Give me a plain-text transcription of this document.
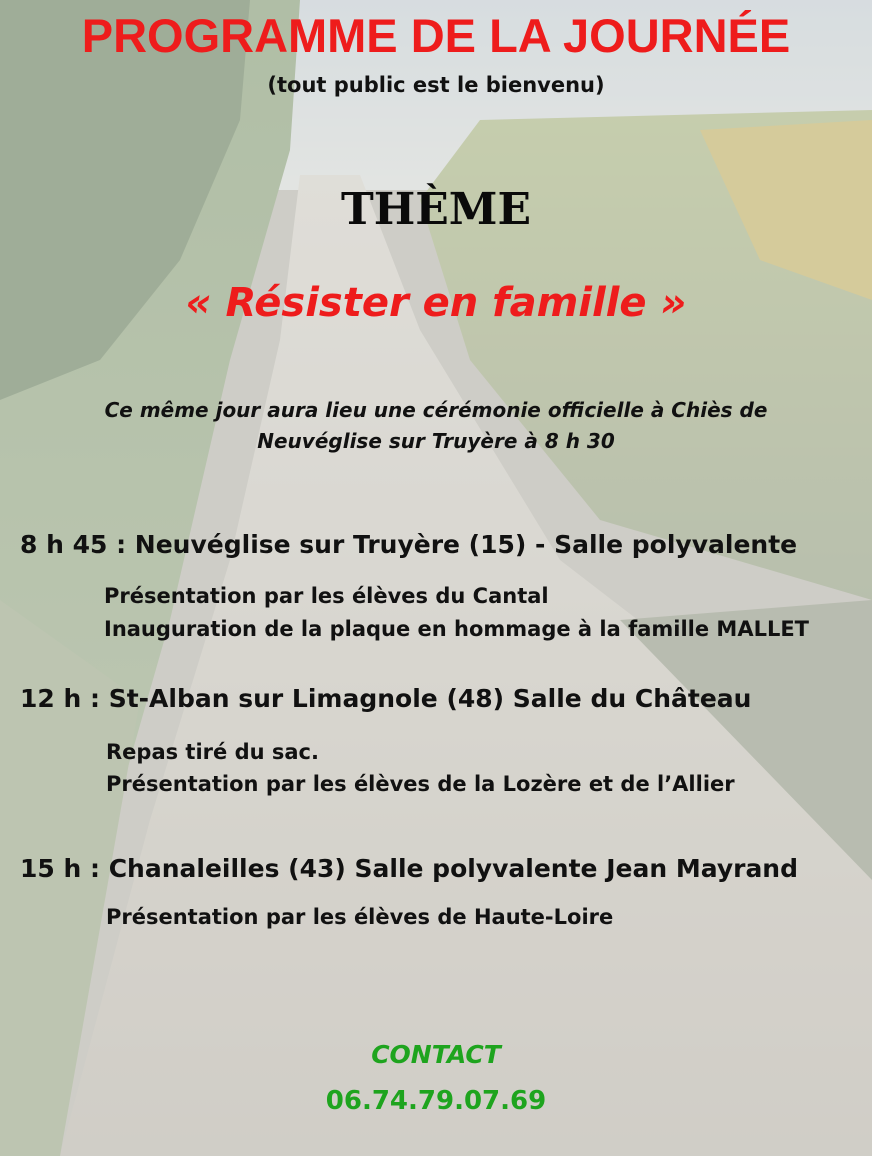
PROGRAMME DE LA JOURNÉE

(tout public est le bienvenu)

THÈME

« Résister en famille »

Ce même jour aura lieu une cérémonie officielle à Chiès de
Neuvéglise sur Truyère à 8 h 30

8 h 45 : Neuvéglise sur Truyère (15) - Salle polyvalente

Présentation par les élèves du Cantal

Inauguration de la plaque en hommage à la famille MALLET

12 h : St-Alban sur Limagnole (48) Salle du Château

Repas tiré du sac.

Présentation par les élèves de la Lozère et de l’Allier

15 h : Chanaleilles (43) Salle polyvalente Jean Mayrand

Présentation par les élèves de Haute-Loire

CONTACT

06.74.79.07.69
